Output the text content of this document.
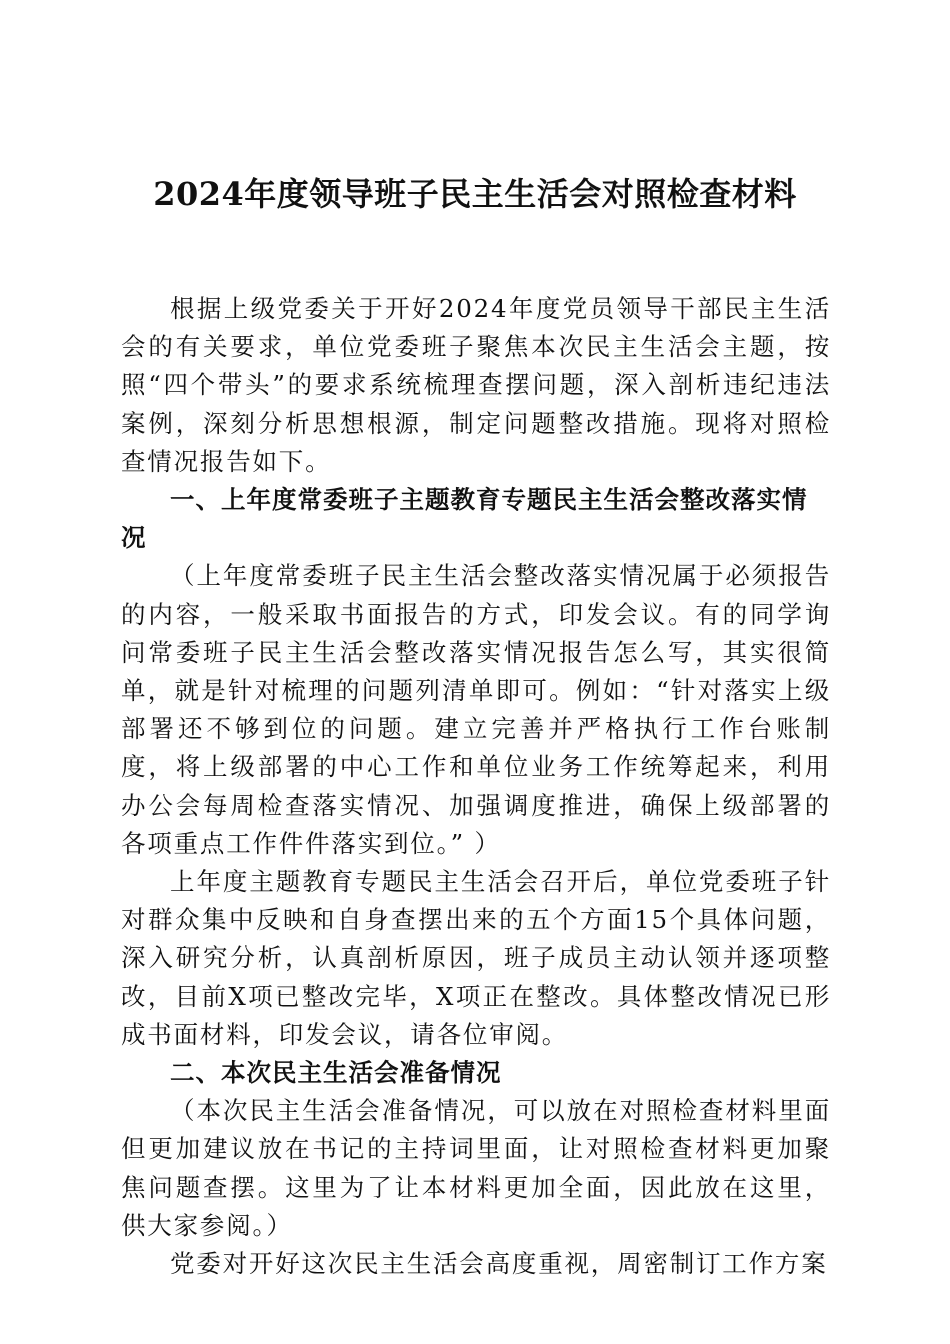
2024年度领导班子民主生活会对照检查材料

根据上级党委关于开好2024年度党员领导干部民主生活会的有关要求，单位党委班子聚焦本次民主生活会主题，按照“四个带头”的要求系统梳理查摆问题，深入剖析违纪违法案例，深刻分析思想根源，制定问题整改措施。现将对照检查情况报告如下。

一、上年度常委班子主题教育专题民主生活会整改落实情况

（上年度常委班子民主生活会整改落实情况属于必须报告的内容，一般采取书面报告的方式，印发会议。有的同学询问常委班子民主生活会整改落实情况报告怎么写，其实很简单，就是针对梳理的问题列清单即可。例如：“针对落实上级部署还不够到位的问题。建立完善并严格执行工作台账制度，将上级部署的中心工作和单位业务工作统筹起来，利用办公会每周检查落实情况、加强调度推进，确保上级部署的各项重点工作件件落实到位。” ）

上年度主题教育专题民主生活会召开后，单位党委班子针对群众集中反映和自身查摆出来的五个方面15个具体问题，深入研究分析，认真剖析原因，班子成员主动认领并逐项整改，目前X项已整改完毕，X项正在整改。具体整改情况已形成书面材料，印发会议，请各位审阅。

二、本次民主生活会准备情况

（本次民主生活会准备情况，可以放在对照检查材料里面但更加建议放在书记的主持词里面，让对照检查材料更加聚焦问题查摆。这里为了让本材料更加全面，因此放在这里，供大家参阅。）

党委对开好这次民主生活会高度重视，周密制订工作方案
